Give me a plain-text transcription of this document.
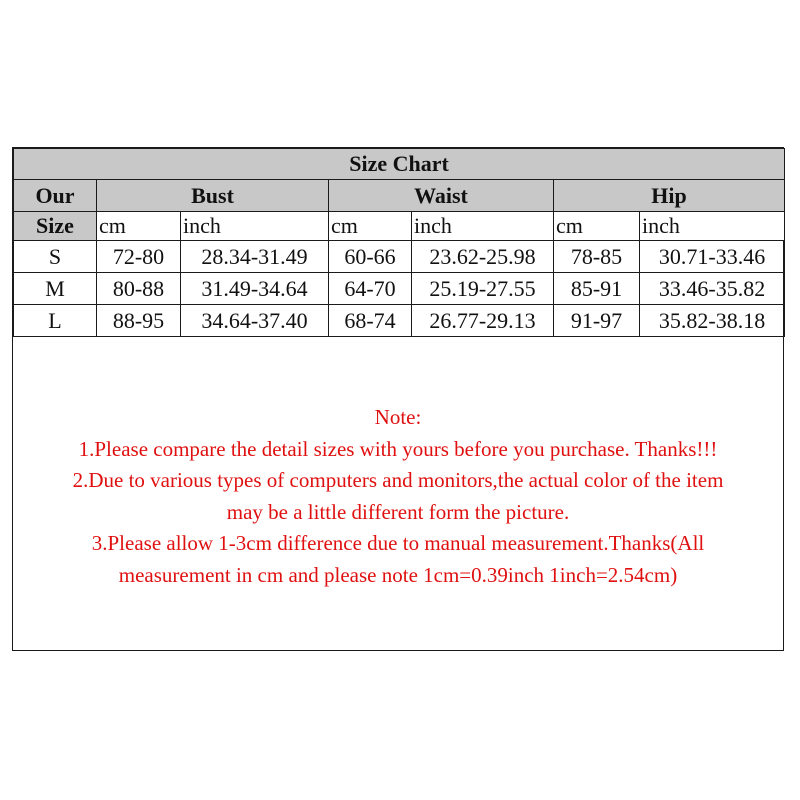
Size Chart						
Our	Bust		Waist		Hip	
Size	cm	inch	cm	inch	cm	inch
S	72-80	28.34-31.49	60-66	23.62-25.98	78-85	30.71-33.46
M	80-88	31.49-34.64	64-70	25.19-27.55	85-91	33.46-35.82
L	88-95	34.64-37.40	68-74	26.77-29.13	91-97	35.82-38.18
Note:
1.Please compare the detail sizes with yours before you purchase. Thanks!!!
2.Due to various types of computers and monitors,the actual color of the item
may be a little different form the picture.
3.Please allow 1-3cm difference due to manual measurement.Thanks(All
measurement in cm and please note 1cm=0.39inch 1inch=2.54cm)
